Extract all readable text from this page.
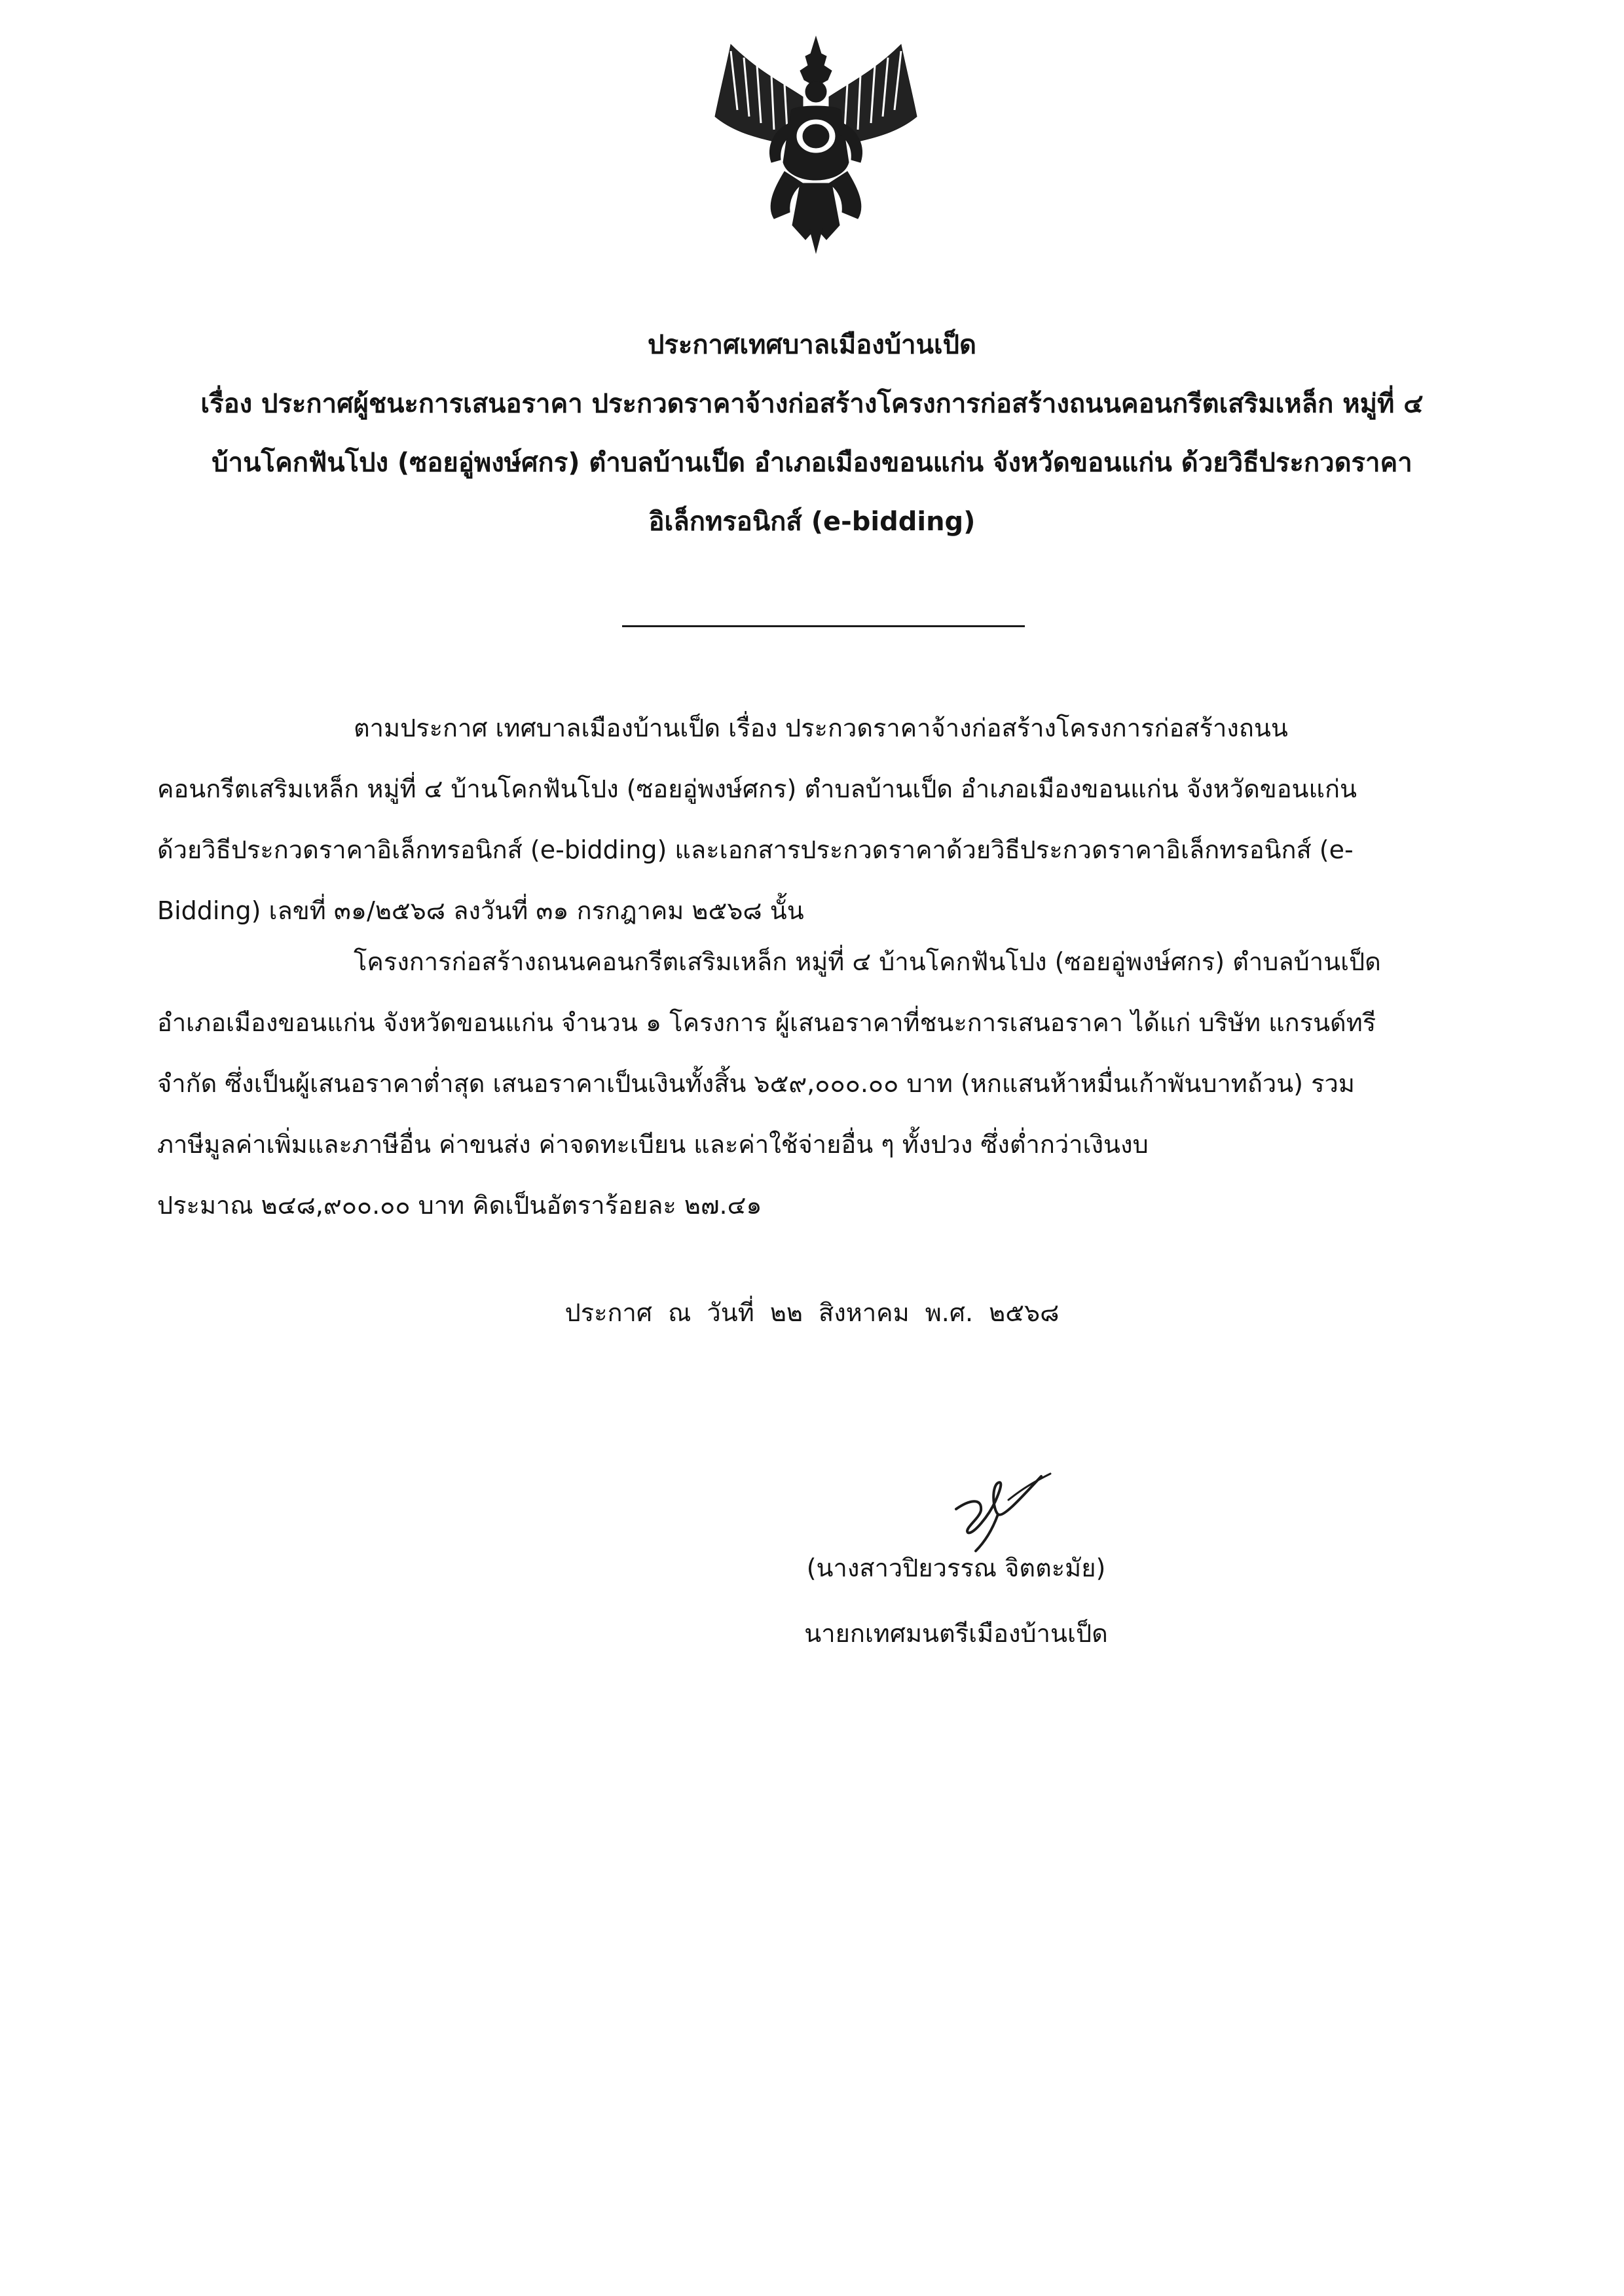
ประกาศเทศบาลเมืองบ้านเป็ด
เรื่อง ประกาศผู้ชนะการเสนอราคา ประกวดราคาจ้างก่อสร้างโครงการก่อสร้างถนนคอนกรีตเสริมเหล็ก หมู่ที่ ๔
บ้านโคกฟันโปง (ซอยอู่พงษ์ศกร) ตำบลบ้านเป็ด อำเภอเมืองขอนแก่น จังหวัดขอนแก่น ด้วยวิธีประกวดราคา
อิเล็กทรอนิกส์ (e-bidding)
ตามประกาศ เทศบาลเมืองบ้านเป็ด เรื่อง ประกวดราคาจ้างก่อสร้างโครงการก่อสร้างถนน
คอนกรีตเสริมเหล็ก หมู่ที่ ๔ บ้านโคกฟันโปง (ซอยอู่พงษ์ศกร) ตำบลบ้านเป็ด อำเภอเมืองขอนแก่น จังหวัดขอนแก่น
ด้วยวิธีประกวดราคาอิเล็กทรอนิกส์ (e-bidding) และเอกสารประกวดราคาด้วยวิธีประกวดราคาอิเล็กทรอนิกส์ (e-
Bidding) เลขที่ ๓๑/๒๕๖๘ ลงวันที่ ๓๑ กรกฎาคม ๒๕๖๘ นั้น
โครงการก่อสร้างถนนคอนกรีตเสริมเหล็ก หมู่ที่ ๔ บ้านโคกฟันโปง (ซอยอู่พงษ์ศกร) ตำบลบ้านเป็ด
อำเภอเมืองขอนแก่น จังหวัดขอนแก่น จำนวน ๑ โครงการ ผู้เสนอราคาที่ชนะการเสนอราคา ได้แก่ บริษัท แกรนด์ทรี
จำกัด ซึ่งเป็นผู้เสนอราคาต่ำสุด เสนอราคาเป็นเงินทั้งสิ้น ๖๕๙,๐๐๐.๐๐ บาท (หกแสนห้าหมื่นเก้าพันบาทถ้วน) รวม
ภาษีมูลค่าเพิ่มและภาษีอื่น ค่าขนส่ง ค่าจดทะเบียน และค่าใช้จ่ายอื่น ๆ ทั้งปวง ซึ่งต่ำกว่าเงินงบ
ประมาณ ๒๔๘,๙๐๐.๐๐ บาท คิดเป็นอัตราร้อยละ ๒๗.๔๑
ประกาศ ณ วันที่ ๒๒ สิงหาคม พ.ศ. ๒๕๖๘
(นางสาวปิยวรรณ จิตตะมัย)
นายกเทศมนตรีเมืองบ้านเป็ด
